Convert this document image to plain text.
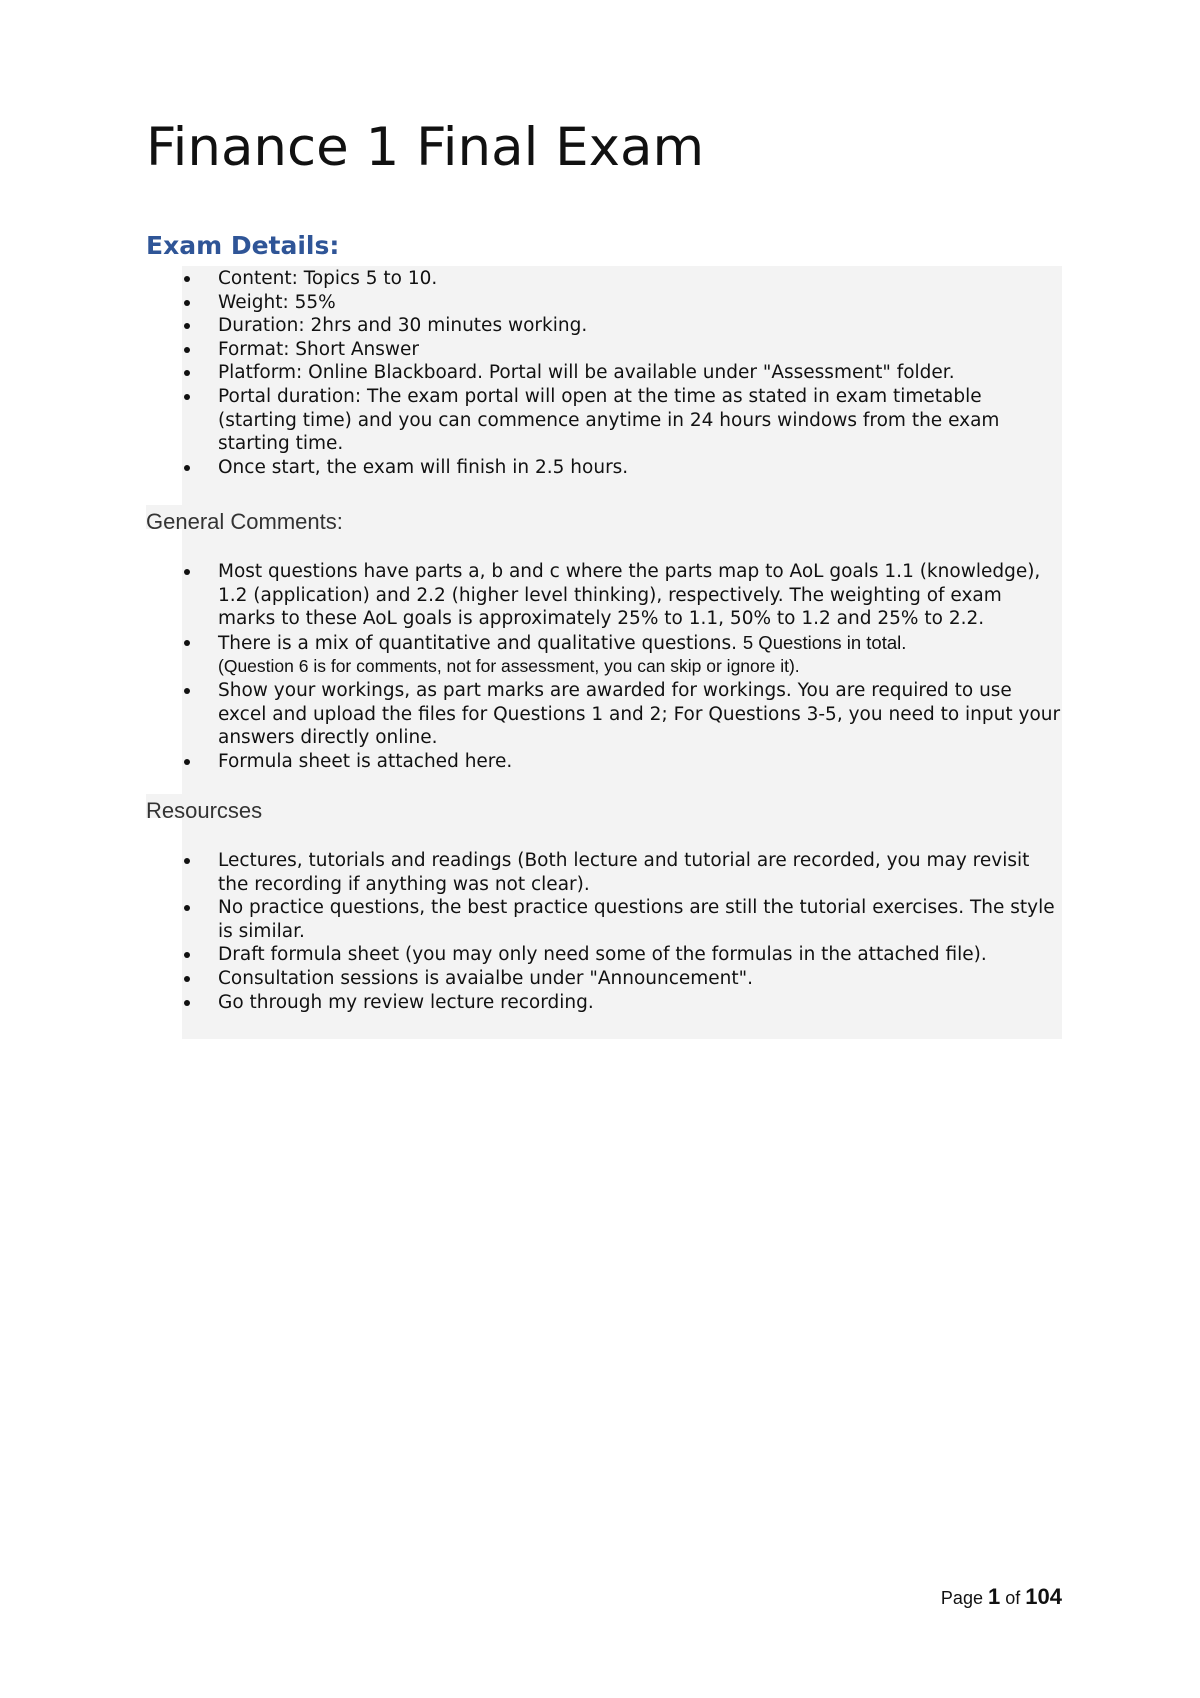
Finance 1 Final Exam
Exam Details:
Content: Topics 5 to 10.
Weight: 55%
Duration: 2hrs and 30 minutes working.
Format: Short Answer
Platform: Online Blackboard. Portal will be available under "Assessment" folder.
Portal duration: The exam portal will open at the time as stated in exam timetable (starting time) and you can commence anytime in 24 hours windows from the exam starting time.
Once start, the exam will finish in 2.5 hours.
General Comments:
Most questions have parts a, b and c where the parts map to AoL goals 1.1 (knowledge), 1.2 (application) and 2.2 (higher level thinking), respectively. The weighting of exam marks to these AoL goals is approximately 25% to 1.1, 50% to 1.2 and 25% to 2.2.
There is a mix of quantitative and qualitative questions. 5 Questions in total.
(Question 6 is for comments, not for assessment, you can skip or ignore it).
Show your workings, as part marks are awarded for workings. You are required to use excel and upload the files for Questions 1 and 2; For Questions 3-5, you need to input your answers directly online.
Formula sheet is attached here.
Resourcses
Lectures, tutorials and readings (Both lecture and tutorial are recorded, you may revisit the recording if anything was not clear).
No practice questions, the best practice questions are still the tutorial exercises. The style is similar.
Draft formula sheet (you may only need some of the formulas in the attached file).
Consultation sessions is avaialbe under "Announcement".
Go through my review lecture recording.
Page 1 of 104
